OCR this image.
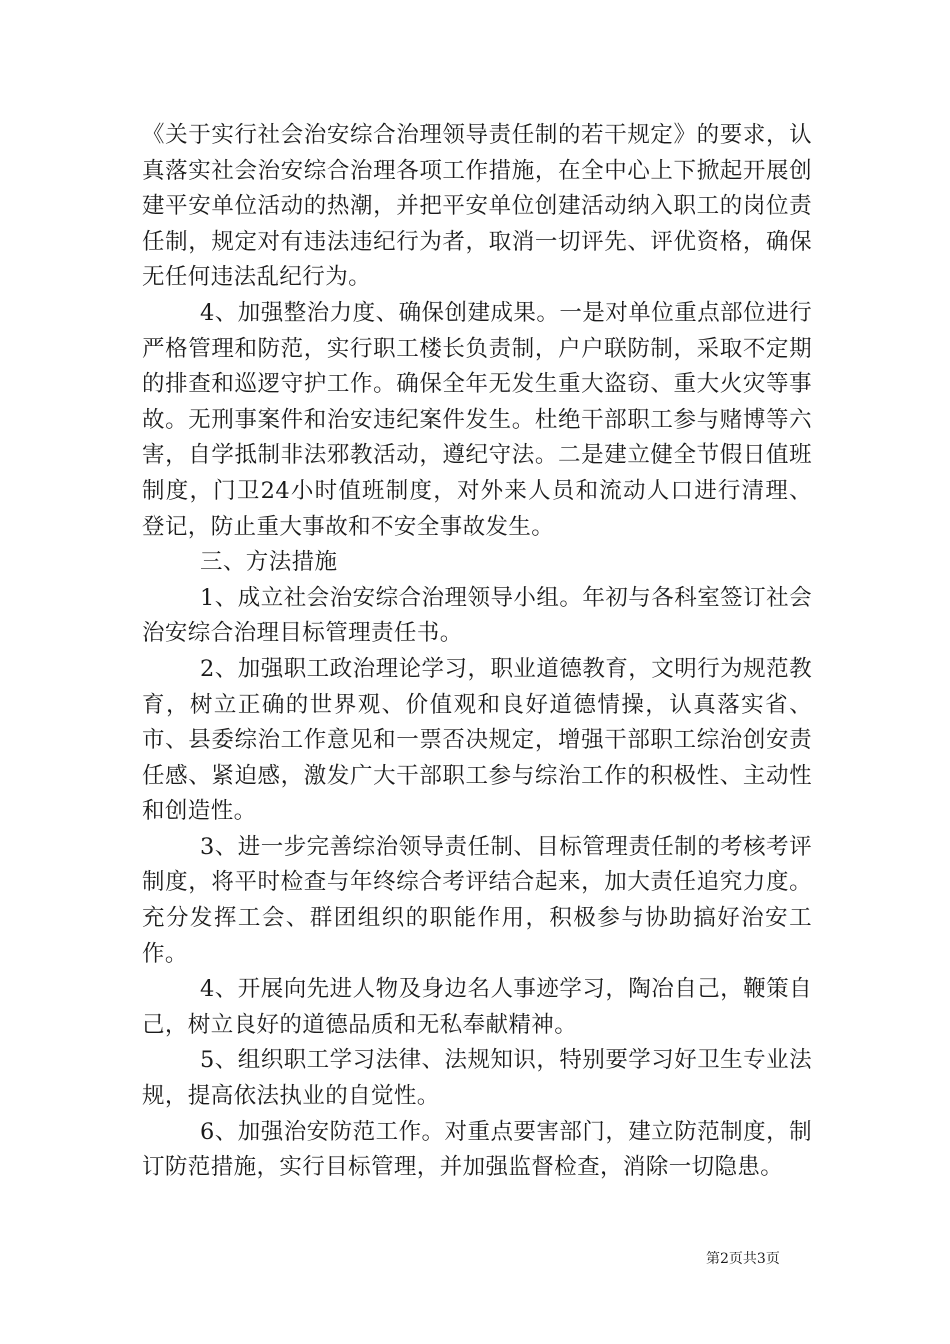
《关于实行社会治安综合治理领导责任制的若干规定》的要求，认真落实社会治安综合治理各项工作措施，在全中心上下掀起开展创建平安单位活动的热潮，并把平安单位创建活动纳入职工的岗位责任制，规定对有违法违纪行为者，取消一切评先、评优资格，确保无任何违法乱纪行为。

4、加强整治力度、确保创建成果。一是对单位重点部位进行严格管理和防范，实行职工楼长负责制，户户联防制，采取不定期的排查和巡逻守护工作。确保全年无发生重大盗窃、重大火灾等事故。无刑事案件和治安违纪案件发生。杜绝干部职工参与赌博等六害，自学抵制非法邪教活动，遵纪守法。二是建立健全节假日值班制度，门卫24小时值班制度，对外来人员和流动人口进行清理、登记，防止重大事故和不安全事故发生。

三、方法措施

1、成立社会治安综合治理领导小组。年初与各科室签订社会治安综合治理目标管理责任书。

2、加强职工政治理论学习，职业道德教育，文明行为规范教育，树立正确的世界观、价值观和良好道德情操，认真落实省、市、县委综治工作意见和一票否决规定，增强干部职工综治创安责任感、紧迫感，激发广大干部职工参与综治工作的积极性、主动性和创造性。

3、进一步完善综治领导责任制、目标管理责任制的考核考评制度，将平时检查与年终综合考评结合起来，加大责任追究力度。充分发挥工会、群团组织的职能作用，积极参与协助搞好治安工作。

4、开展向先进人物及身边名人事迹学习，陶冶自己，鞭策自己，树立良好的道德品质和无私奉献精神。

5、组织职工学习法律、法规知识，特别要学习好卫生专业法规，提高依法执业的自觉性。

6、加强治安防范工作。对重点要害部门，建立防范制度，制订防范措施，实行目标管理，并加强监督检查，消除一切隐患。

第2页共3页
